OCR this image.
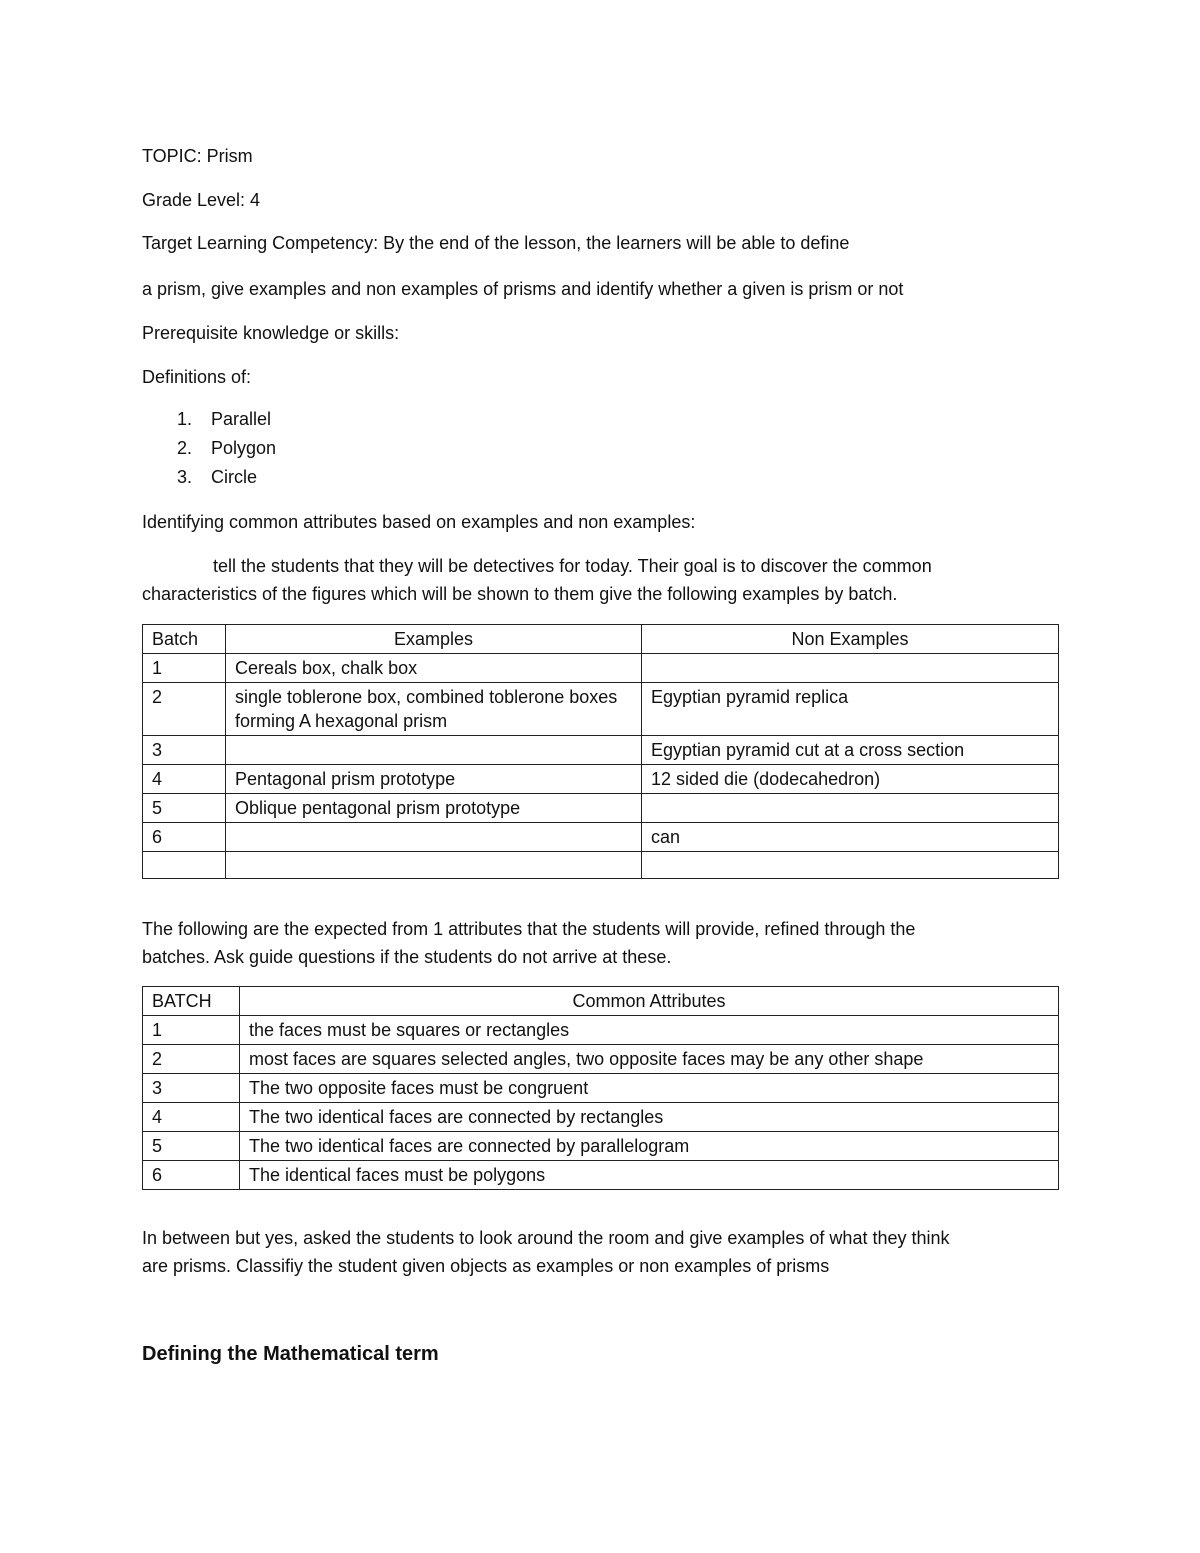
TOPIC: Prism

Grade Level: 4

Target Learning Competency: By the end of the lesson, the learners will be able to define

a prism, give examples and non examples of prisms and identify whether a given is prism or not

Prerequisite knowledge or skills:

Definitions of:

1. Parallel
2. Polygon
3. Circle

Identifying common attributes based on examples and non examples:

tell the students that they will be detectives for today. Their goal is to discover the common

characteristics of the figures which will be shown to them give the following examples by batch.

Batch	Examples	Non Examples
1	Cereals box, chalk box	
2	single toblerone box, combined toblerone boxes forming A hexagonal prism	Egyptian pyramid replica
3		Egyptian pyramid cut at a cross section
4	Pentagonal prism prototype	12 sided die (dodecahedron)
5	Oblique pentagonal prism prototype	
6		can

The following are the expected from 1 attributes that the students will provide, refined through the

batches. Ask guide questions if the students do not arrive at these.

BATCH	Common Attributes
1	the faces must be squares or rectangles
2	most faces are squares selected angles, two opposite faces may be any other shape
3	The two opposite faces must be congruent
4	The two identical faces are connected by rectangles
5	The two identical faces are connected by parallelogram
6	The identical faces must be polygons

In between but yes, asked the students to look around the room and give examples of what they think

are prisms. Classifiy the student given objects as examples or non examples of prisms

Defining the Mathematical term
